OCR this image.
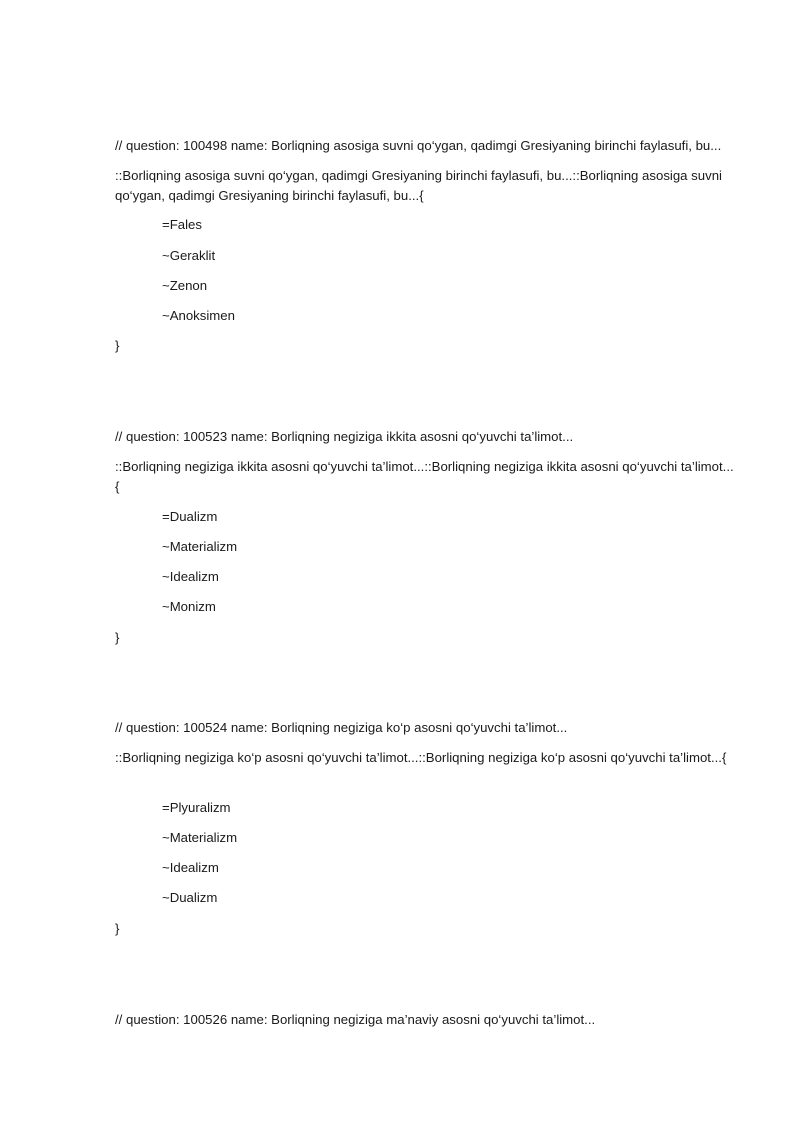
// question: 100498 name: Borliqning asosiga suvni qo‘ygan, qadimgi Gresiyaning birinchi faylasufi, bu...
::Borliqning asosiga suvni qo‘ygan, qadimgi Gresiyaning birinchi faylasufi, bu...::Borliqning asosiga suvni qo‘ygan, qadimgi Gresiyaning birinchi faylasufi, bu...{
=Fales
~Geraklit
~Zenon
~Anoksimen
}
// question: 100523 name: Borliqning negiziga ikkita asosni qo‘yuvchi ta’limot...
::Borliqning negiziga ikkita asosni qo‘yuvchi ta’limot...::Borliqning negiziga ikkita asosni qo‘yuvchi ta’limot...{
=Dualizm
~Materializm
~Idealizm
~Monizm
}
// question: 100524 name: Borliqning negiziga ko‘p asosni qo‘yuvchi ta’limot...
::Borliqning negiziga ko‘p asosni qo‘yuvchi ta’limot...::Borliqning negiziga ko‘p asosni qo‘yuvchi ta’limot...{
=Plyuralizm
~Materializm
~Idealizm
~Dualizm
}
// question: 100526 name: Borliqning negiziga ma’naviy asosni qo‘yuvchi ta’limot...
